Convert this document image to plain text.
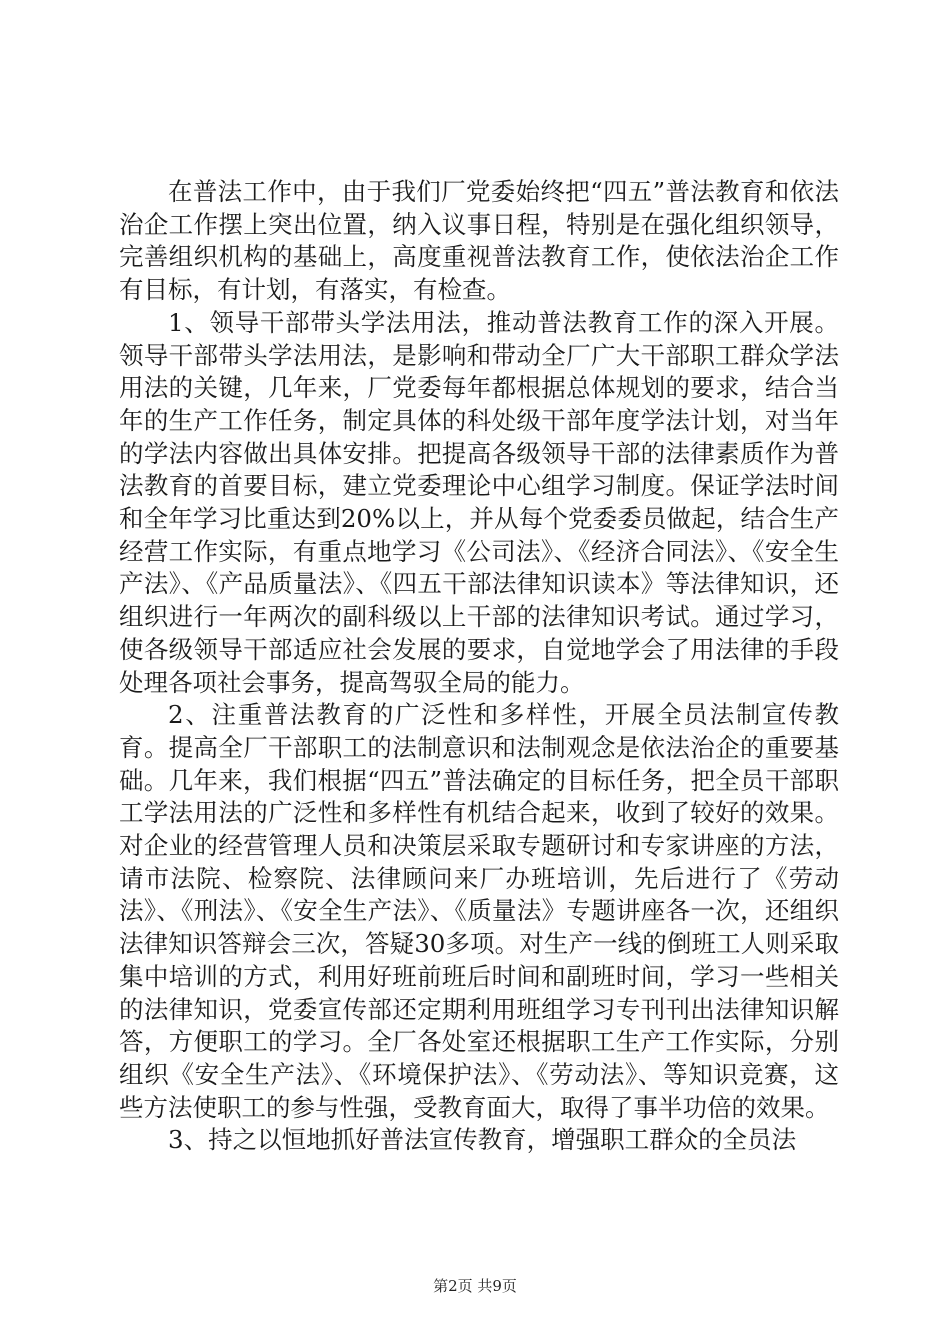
在普法工作中，由于我们厂党委始终把“四五”普法教育和依法治企工作摆上突出位置，纳入议事日程，特别是在强化组织领导，完善组织机构的基础上，高度重视普法教育工作，使依法治企工作有目标，有计划，有落实，有检查。

1、领导干部带头学法用法，推动普法教育工作的深入开展。领导干部带头学法用法，是影响和带动全厂广大干部职工群众学法用法的关键，几年来，厂党委每年都根据总体规划的要求，结合当年的生产工作任务，制定具体的科处级干部年度学法计划，对当年的学法内容做出具体安排。把提高各级领导干部的法律素质作为普法教育的首要目标，建立党委理论中心组学习制度。保证学法时间和全年学习比重达到20%以上，并从每个党委委员做起，结合生产经营工作实际，有重点地学习《公司法》、《经济合同法》、《安全生产法》、《产品质量法》、《四五干部法律知识读本》等法律知识，还组织进行一年两次的副科级以上干部的法律知识考试。通过学习，使各级领导干部适应社会发展的要求，自觉地学会了用法律的手段处理各项社会事务，提高驾驭全局的能力。

2、注重普法教育的广泛性和多样性，开展全员法制宣传教育。提高全厂干部职工的法制意识和法制观念是依法治企的重要基础。几年来，我们根据“四五”普法确定的目标任务，把全员干部职工学法用法的广泛性和多样性有机结合起来，收到了较好的效果。对企业的经营管理人员和决策层采取专题研讨和专家讲座的方法，请市法院、检察院、法律顾问来厂办班培训，先后进行了《劳动法》、《刑法》、《安全生产法》、《质量法》专题讲座各一次，还组织法律知识答辩会三次，答疑30多项。对生产一线的倒班工人则采取集中培训的方式，利用好班前班后时间和副班时间，学习一些相关的法律知识，党委宣传部还定期利用班组学习专刊刊出法律知识解答，方便职工的学习。全厂各处室还根据职工生产工作实际，分别组织《安全生产法》、《环境保护法》、《劳动法》、等知识竞赛，这些方法使职工的参与性强，受教育面大，取得了事半功倍的效果。

3、持之以恒地抓好普法宣传教育，增强职工群众的全员法

第2页 共9页
